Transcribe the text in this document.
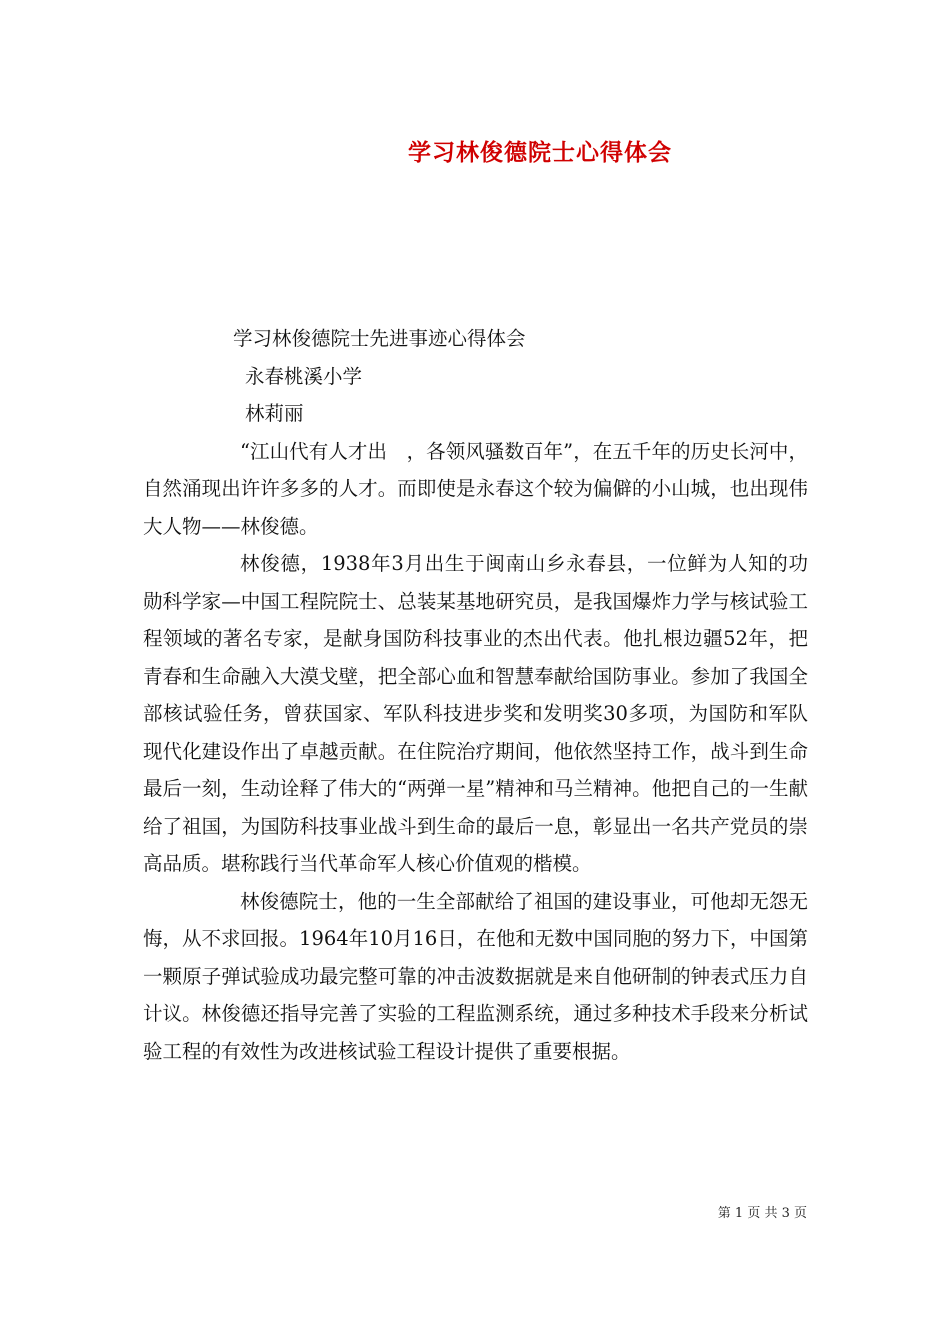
学习林俊德院士心得体会

学习林俊德院士先进事迹心得体会

永春桃溪小学

林莉丽

“江山代有人才出　，各领风骚数百年”，在五千年的历史长河中，自然涌现出许许多多的人才。而即使是永春这个较为偏僻的小山城，也出现伟大人物——林俊德。

林俊德，1938年3月出生于闽南山乡永春县，一位鲜为人知的功勋科学家—中国工程院院士、总装某基地研究员，是我国爆炸力学与核试验工程领域的著名专家，是献身国防科技事业的杰出代表。他扎根边疆52年，把青春和生命融入大漠戈壁，把全部心血和智慧奉献给国防事业。参加了我国全部核试验任务，曾获国家、军队科技进步奖和发明奖30多项，为国防和军队现代化建设作出了卓越贡献。在住院治疗期间，他依然坚持工作，战斗到生命最后一刻，生动诠释了伟大的“两弹一星”精神和马兰精神。他把自己的一生献给了祖国，为国防科技事业战斗到生命的最后一息，彰显出一名共产党员的崇高品质。堪称践行当代革命军人核心价值观的楷模。

林俊德院士，他的一生全部献给了祖国的建设事业，可他却无怨无悔，从不求回报。1964年10月16日，在他和无数中国同胞的努力下，中国第一颗原子弹试验成功最完整可靠的冲击波数据就是来自他研制的钟表式压力自计议。林俊德还指导完善了实验的工程监测系统，通过多种技术手段来分析试验工程的有效性为改进核试验工程设计提供了重要根据。

第 1 页 共 3 页
